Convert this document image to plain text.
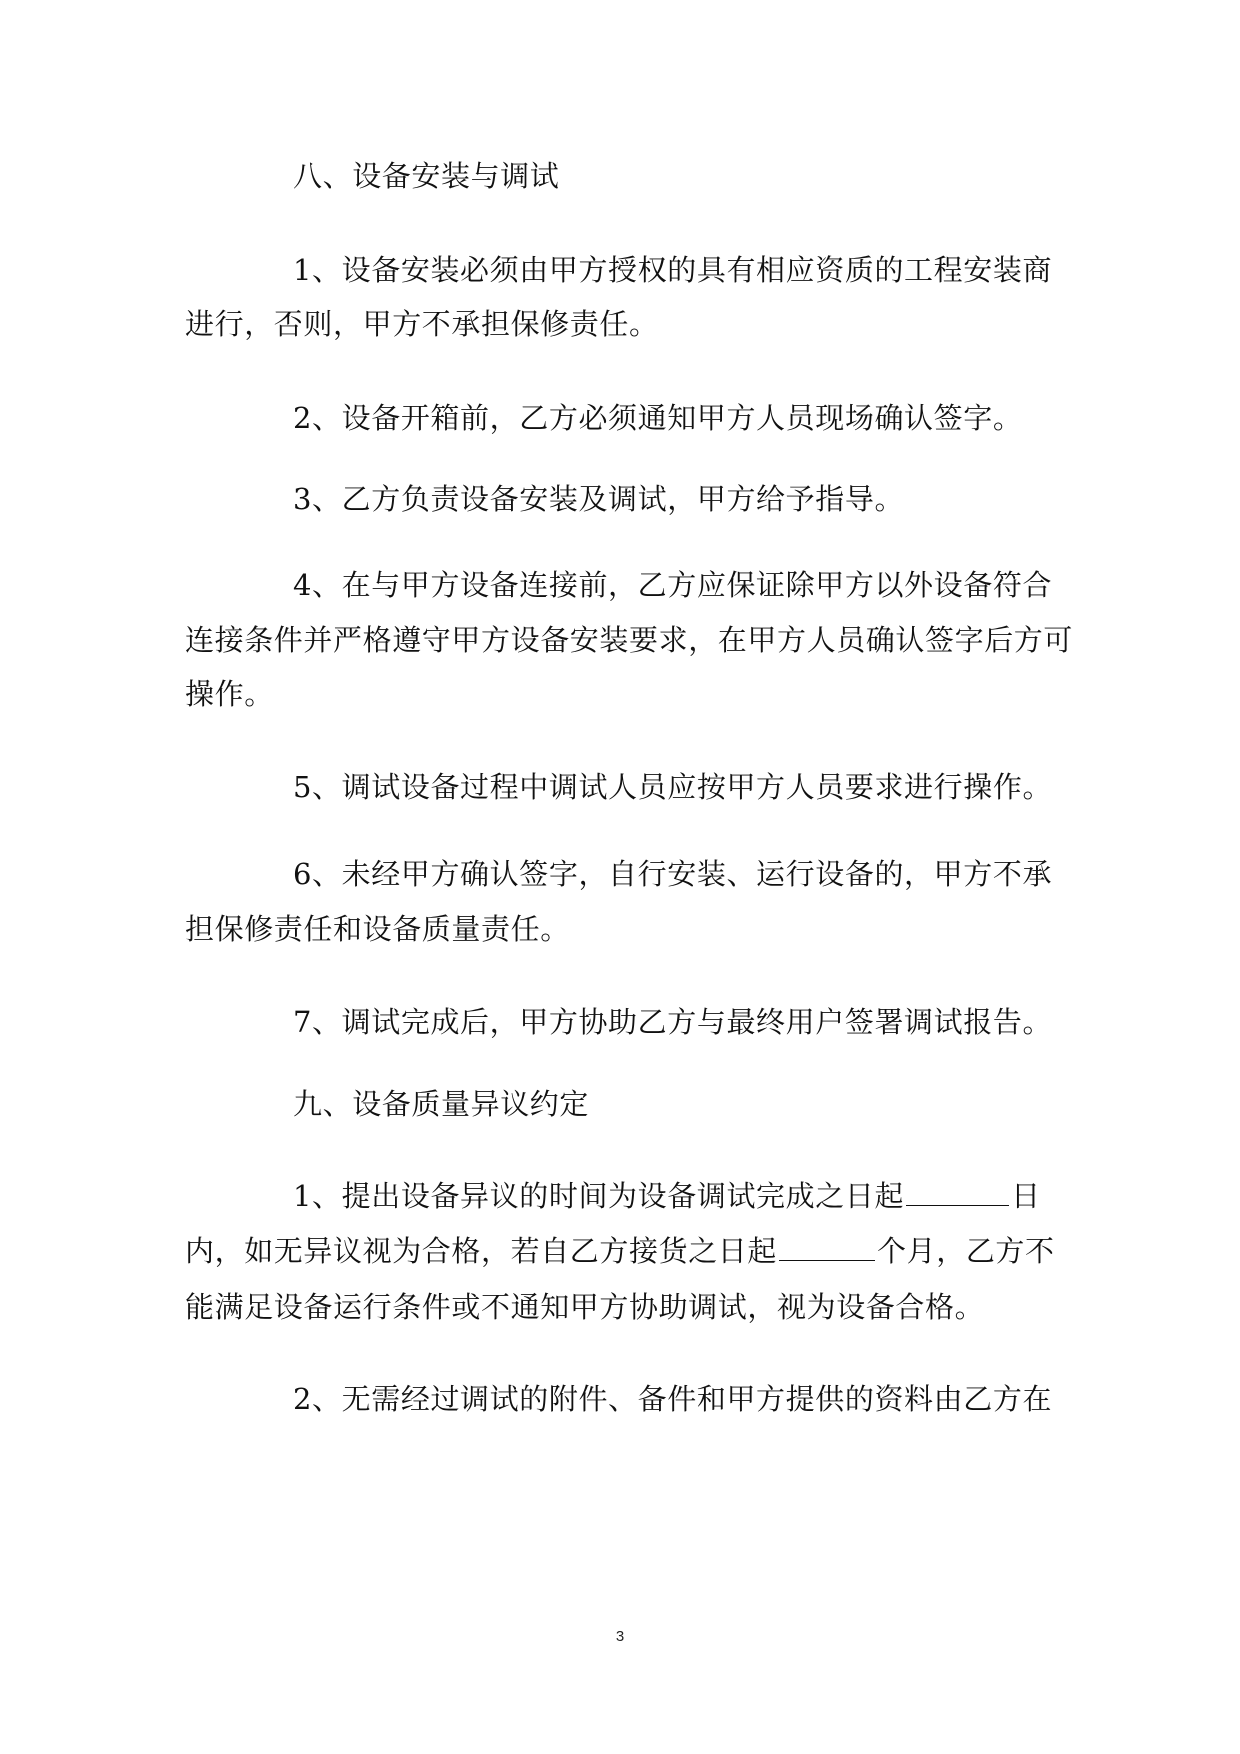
八、设备安装与调试
1、设备安装必须由甲方授权的具有相应资质的工程安装商
进行，否则，甲方不承担保修责任。
2、设备开箱前，乙方必须通知甲方人员现场确认签字。
3、乙方负责设备安装及调试，甲方给予指导。
4、在与甲方设备连接前，乙方应保证除甲方以外设备符合
连接条件并严格遵守甲方设备安装要求，在甲方人员确认签字后方可
操作。
5、调试设备过程中调试人员应按甲方人员要求进行操作。
6、未经甲方确认签字，自行安装、运行设备的，甲方不承
担保修责任和设备质量责任。
7、调试完成后，甲方协助乙方与最终用户签署调试报告。
九、设备质量异议约定
1、提出设备异议的时间为设备调试完成之日起	日
内，如无异议视为合格，若自乙方接货之日起	个月，乙方不
能满足设备运行条件或不通知甲方协助调试，视为设备合格。
2、无需经过调试的附件、备件和甲方提供的资料由乙方在
3
